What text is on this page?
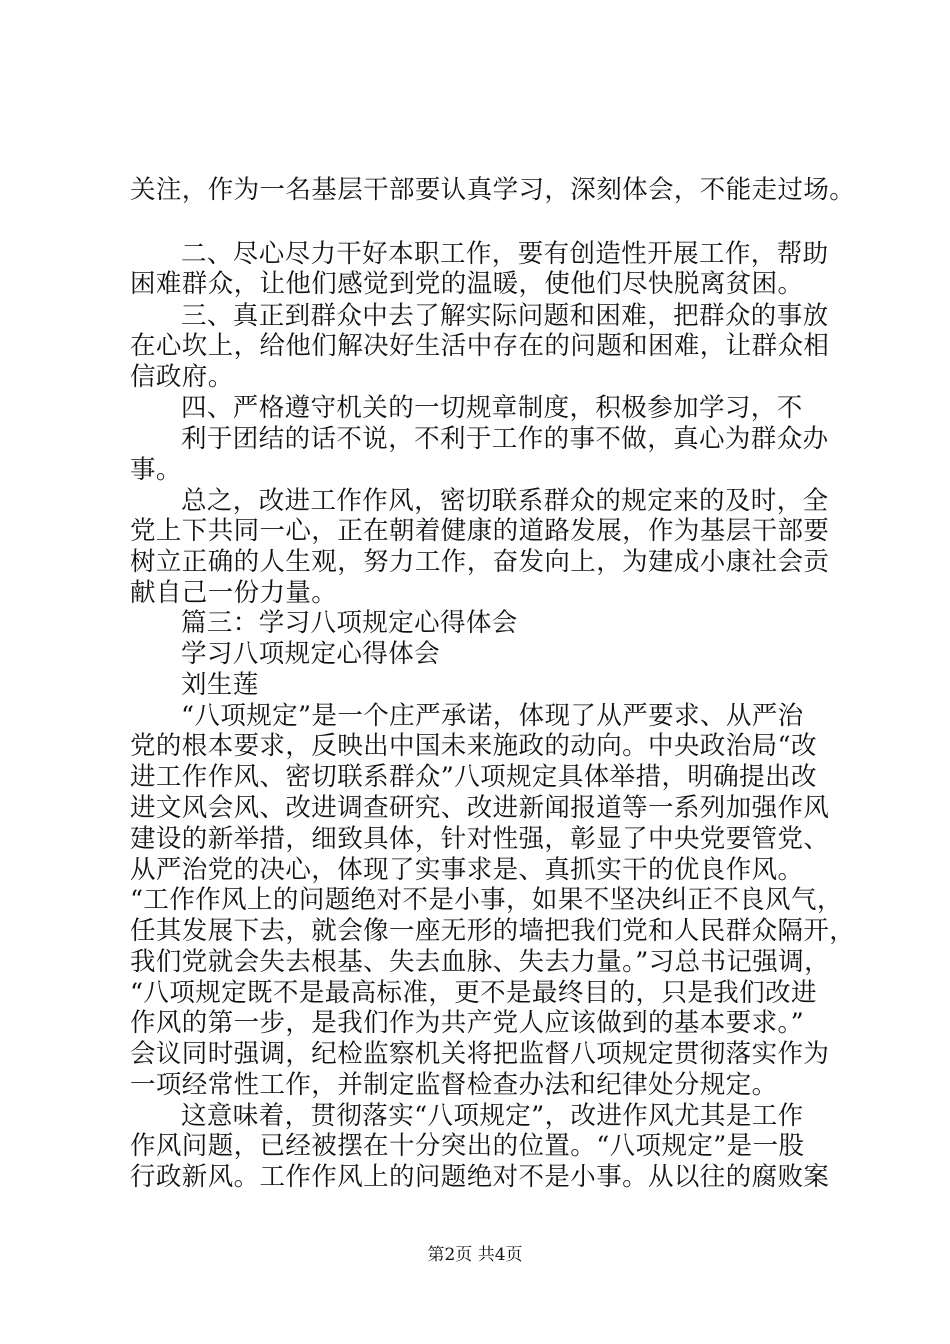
关注，作为一名基层干部要认真学习，深刻体会，不能走过场。
二、尽心尽力干好本职工作，要有创造性开展工作，帮助
困难群众，让他们感觉到党的温暖，使他们尽快脱离贫困。
三、真正到群众中去了解实际问题和困难，把群众的事放
在心坎上，给他们解决好生活中存在的问题和困难，让群众相
信政府。
四、严格遵守机关的一切规章制度，积极参加学习，不
利于团结的话不说，不利于工作的事不做，真心为群众办
事。
总之，改进工作作风，密切联系群众的规定来的及时，全
党上下共同一心，正在朝着健康的道路发展，作为基层干部要
树立正确的人生观，努力工作，奋发向上，为建成小康社会贡
献自己一份力量。
篇三：学习八项规定心得体会
学习八项规定心得体会
刘生莲
“八项规定”是一个庄严承诺，体现了从严要求、从严治
党的根本要求，反映出中国未来施政的动向。中央政治局“改
进工作作风、密切联系群众”八项规定具体举措，明确提出改
进文风会风、改进调查研究、改进新闻报道等一系列加强作风
建设的新举措，细致具体，针对性强，彰显了中央党要管党、
从严治党的决心，体现了实事求是、真抓实干的优良作风。
“工作作风上的问题绝对不是小事，如果不坚决纠正不良风气，
任其发展下去，就会像一座无形的墙把我们党和人民群众隔开，
我们党就会失去根基、失去血脉、失去力量。”习总书记强调，
“八项规定既不是最高标准，更不是最终目的，只是我们改进
作风的第一步，是我们作为共产党人应该做到的基本要求。”
会议同时强调，纪检监察机关将把监督八项规定贯彻落实作为
一项经常性工作，并制定监督检查办法和纪律处分规定。
这意味着，贯彻落实“八项规定”，改进作风尤其是工作
作风问题，已经被摆在十分突出的位置。“八项规定”是一股
行政新风。工作作风上的问题绝对不是小事。从以往的腐败案
第2页 共4页
